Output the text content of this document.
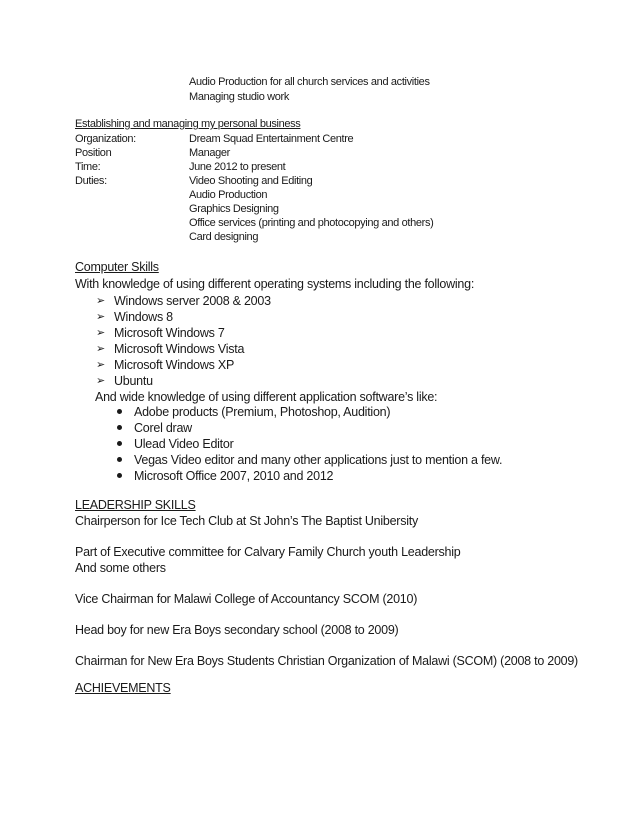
Audio Production for all church services and activities
Managing studio work
Establishing and managing my personal business
Organization:	Dream Squad Entertainment Centre
Position	Manager
Time:	June 2012 to present
Duties:	Video Shooting and Editing
Audio Production
Graphics Designing
Office services (printing and photocopying and others)
Card designing
Computer Skills
With knowledge of using different operating systems including the following:
➢ Windows server 2008 & 2003
➢ Windows 8
➢ Microsoft Windows 7
➢ Microsoft Windows Vista
➢ Microsoft Windows XP
➢ Ubuntu
And wide knowledge of using different application software’s like:
Adobe products (Premium, Photoshop, Audition)
Corel draw
Ulead Video Editor
Vegas Video editor and many other applications just to mention a few.
Microsoft Office 2007, 2010 and 2012
LEADERSHIP SKILLS
Chairperson for Ice Tech Club at St John’s The Baptist Unibersity
Part of Executive committee for Calvary Family Church youth Leadership
And some others
Vice Chairman for Malawi College of Accountancy SCOM (2010)
Head boy for new Era Boys secondary school (2008 to 2009)
Chairman for New Era Boys Students Christian Organization of Malawi (SCOM) (2008 to 2009)
ACHIEVEMENTS
